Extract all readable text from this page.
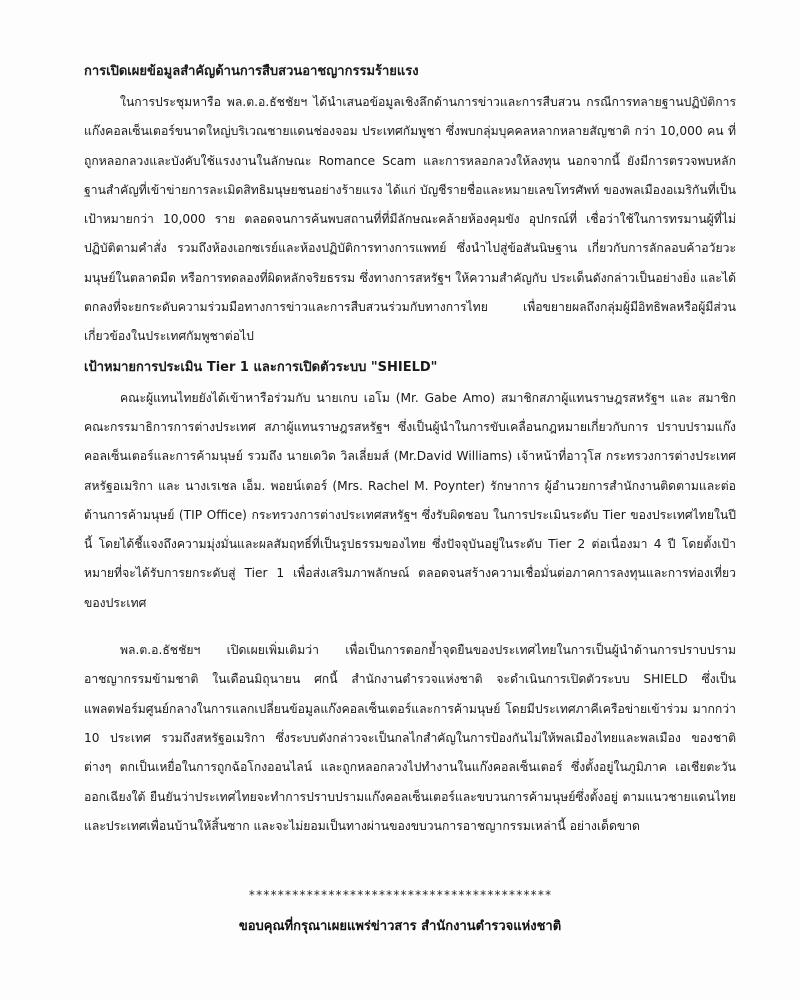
การเปิดเผยข้อมูลสำคัญด้านการสืบสวนอาชญากรรมร้ายแรง

ในการประชุมหารือ พล.ต.อ.ธัชชัยฯ ได้นำเสนอข้อมูลเชิงลึกด้านการข่าวและการสืบสวน กรณีการทลายฐานปฏิบัติการแก๊งคอลเซ็นเตอร์ขนาดใหญ่บริเวณชายแดนช่องจอม ประเทศกัมพูชา ซึ่งพบกลุ่มบุคคลหลากหลายสัญชาติ กว่า 10,000 คน ที่ถูกหลอกลวงและบังคับใช้แรงงานในลักษณะ Romance Scam และการหลอกลวงให้ลงทุน นอกจากนี้ ยังมีการตรวจพบหลักฐานสำคัญที่เข้าข่ายการละเมิดสิทธิมนุษยชนอย่างร้ายแรง ได้แก่ บัญชีรายชื่อและหมายเลขโทรศัพท์ ของพลเมืองอเมริกันที่เป็นเป้าหมายกว่า 10,000 ราย ตลอดจนการค้นพบสถานที่ที่มีลักษณะคล้ายห้องคุมขัง อุปกรณ์ที่ เชื่อว่าใช้ในการทรมานผู้ที่ไม่ปฏิบัติตามคำสั่ง รวมถึงห้องเอกซเรย์และห้องปฏิบัติการทางการแพทย์ ซึ่งนำไปสู่ข้อสันนิษฐาน เกี่ยวกับการลักลอบค้าอวัยวะมนุษย์ในตลาดมืด หรือการทดลองที่ผิดหลักจริยธรรม ซึ่งทางการสหรัฐฯ ให้ความสำคัญกับ ประเด็นดังกล่าวเป็นอย่างยิ่ง และได้ตกลงที่จะยกระดับความร่วมมือทางการข่าวและการสืบสวนร่วมกับทางการไทย เพื่อขยายผลถึงกลุ่มผู้มีอิทธิพลหรือผู้มีส่วนเกี่ยวข้องในประเทศกัมพูชาต่อไป

เป้าหมายการประเมิน Tier 1 และการเปิดตัวระบบ "SHIELD"

คณะผู้แทนไทยยังได้เข้าหารือร่วมกับ นายเกบ เอโม (Mr. Gabe Amo) สมาชิกสภาผู้แทนราษฎรสหรัฐฯ และ สมาชิกคณะกรรมาธิการการต่างประเทศ สภาผู้แทนราษฎรสหรัฐฯ ซึ่งเป็นผู้นำในการขับเคลื่อนกฎหมายเกี่ยวกับการ ปราบปรามแก๊งคอลเซ็นเตอร์และการค้ามนุษย์ รวมถึง นายเดวิด วิลเลี่ยมส์ (Mr.David Williams) เจ้าหน้าที่อาวุโส กระทรวงการต่างประเทศสหรัฐอเมริกา และ นางเรเชล เอ็ม. พอยน์เตอร์ (Mrs. Rachel M. Poynter) รักษาการ ผู้อำนวยการสำนักงานติดตามและต่อต้านการค้ามนุษย์ (TIP Office) กระทรวงการต่างประเทศสหรัฐฯ ซึ่งรับผิดชอบ ในการประเมินระดับ Tier ของประเทศไทยในปีนี้ โดยได้ชี้แจงถึงความมุ่งมั่นและผลสัมฤทธิ์ที่เป็นรูปธรรมของไทย ซึ่งปัจจุบันอยู่ในระดับ Tier 2 ต่อเนื่องมา 4 ปี โดยตั้งเป้าหมายที่จะได้รับการยกระดับสู่ Tier 1 เพื่อส่งเสริมภาพลักษณ์ ตลอดจนสร้างความเชื่อมั่นต่อภาคการลงทุนและการท่องเที่ยวของประเทศ

พล.ต.อ.ธัชชัยฯ เปิดเผยเพิ่มเติมว่า เพื่อเป็นการตอกย้ำจุดยืนของประเทศไทยในการเป็นผู้นำด้านการปราบปราม อาชญากรรมข้ามชาติ ในเดือนมิถุนายน ศกนี้ สำนักงานตำรวจแห่งชาติ จะดำเนินการเปิดตัวระบบ SHIELD ซึ่งเป็น แพลตฟอร์มศูนย์กลางในการแลกเปลี่ยนข้อมูลแก๊งคอลเซ็นเตอร์และการค้ามนุษย์ โดยมีประเทศภาคีเครือข่ายเข้าร่วม มากกว่า 10 ประเทศ รวมถึงสหรัฐอเมริกา ซึ่งระบบดังกล่าวจะเป็นกลไกสำคัญในการป้องกันไม่ให้พลเมืองไทยและพลเมือง ของชาติต่างๆ ตกเป็นเหยื่อในการถูกฉ้อโกงออนไลน์ และถูกหลอกลวงไปทำงานในแก๊งคอลเซ็นเตอร์ ซึ่งตั้งอยู่ในภูมิภาค เอเชียตะวันออกเฉียงใต้ ยืนยันว่าประเทศไทยจะทำการปราบปรามแก๊งคอลเซ็นเตอร์และขบวนการค้ามนุษย์ซึ่งตั้งอยู่ ตามแนวชายแดนไทยและประเทศเพื่อนบ้านให้สิ้นซาก และจะไม่ยอมเป็นทางผ่านของขบวนการอาชญากรรมเหล่านี้ อย่างเด็ดขาด

******************************************
ขอบคุณที่กรุณาเผยแพร่ข่าวสาร สำนักงานตำรวจแห่งชาติ
